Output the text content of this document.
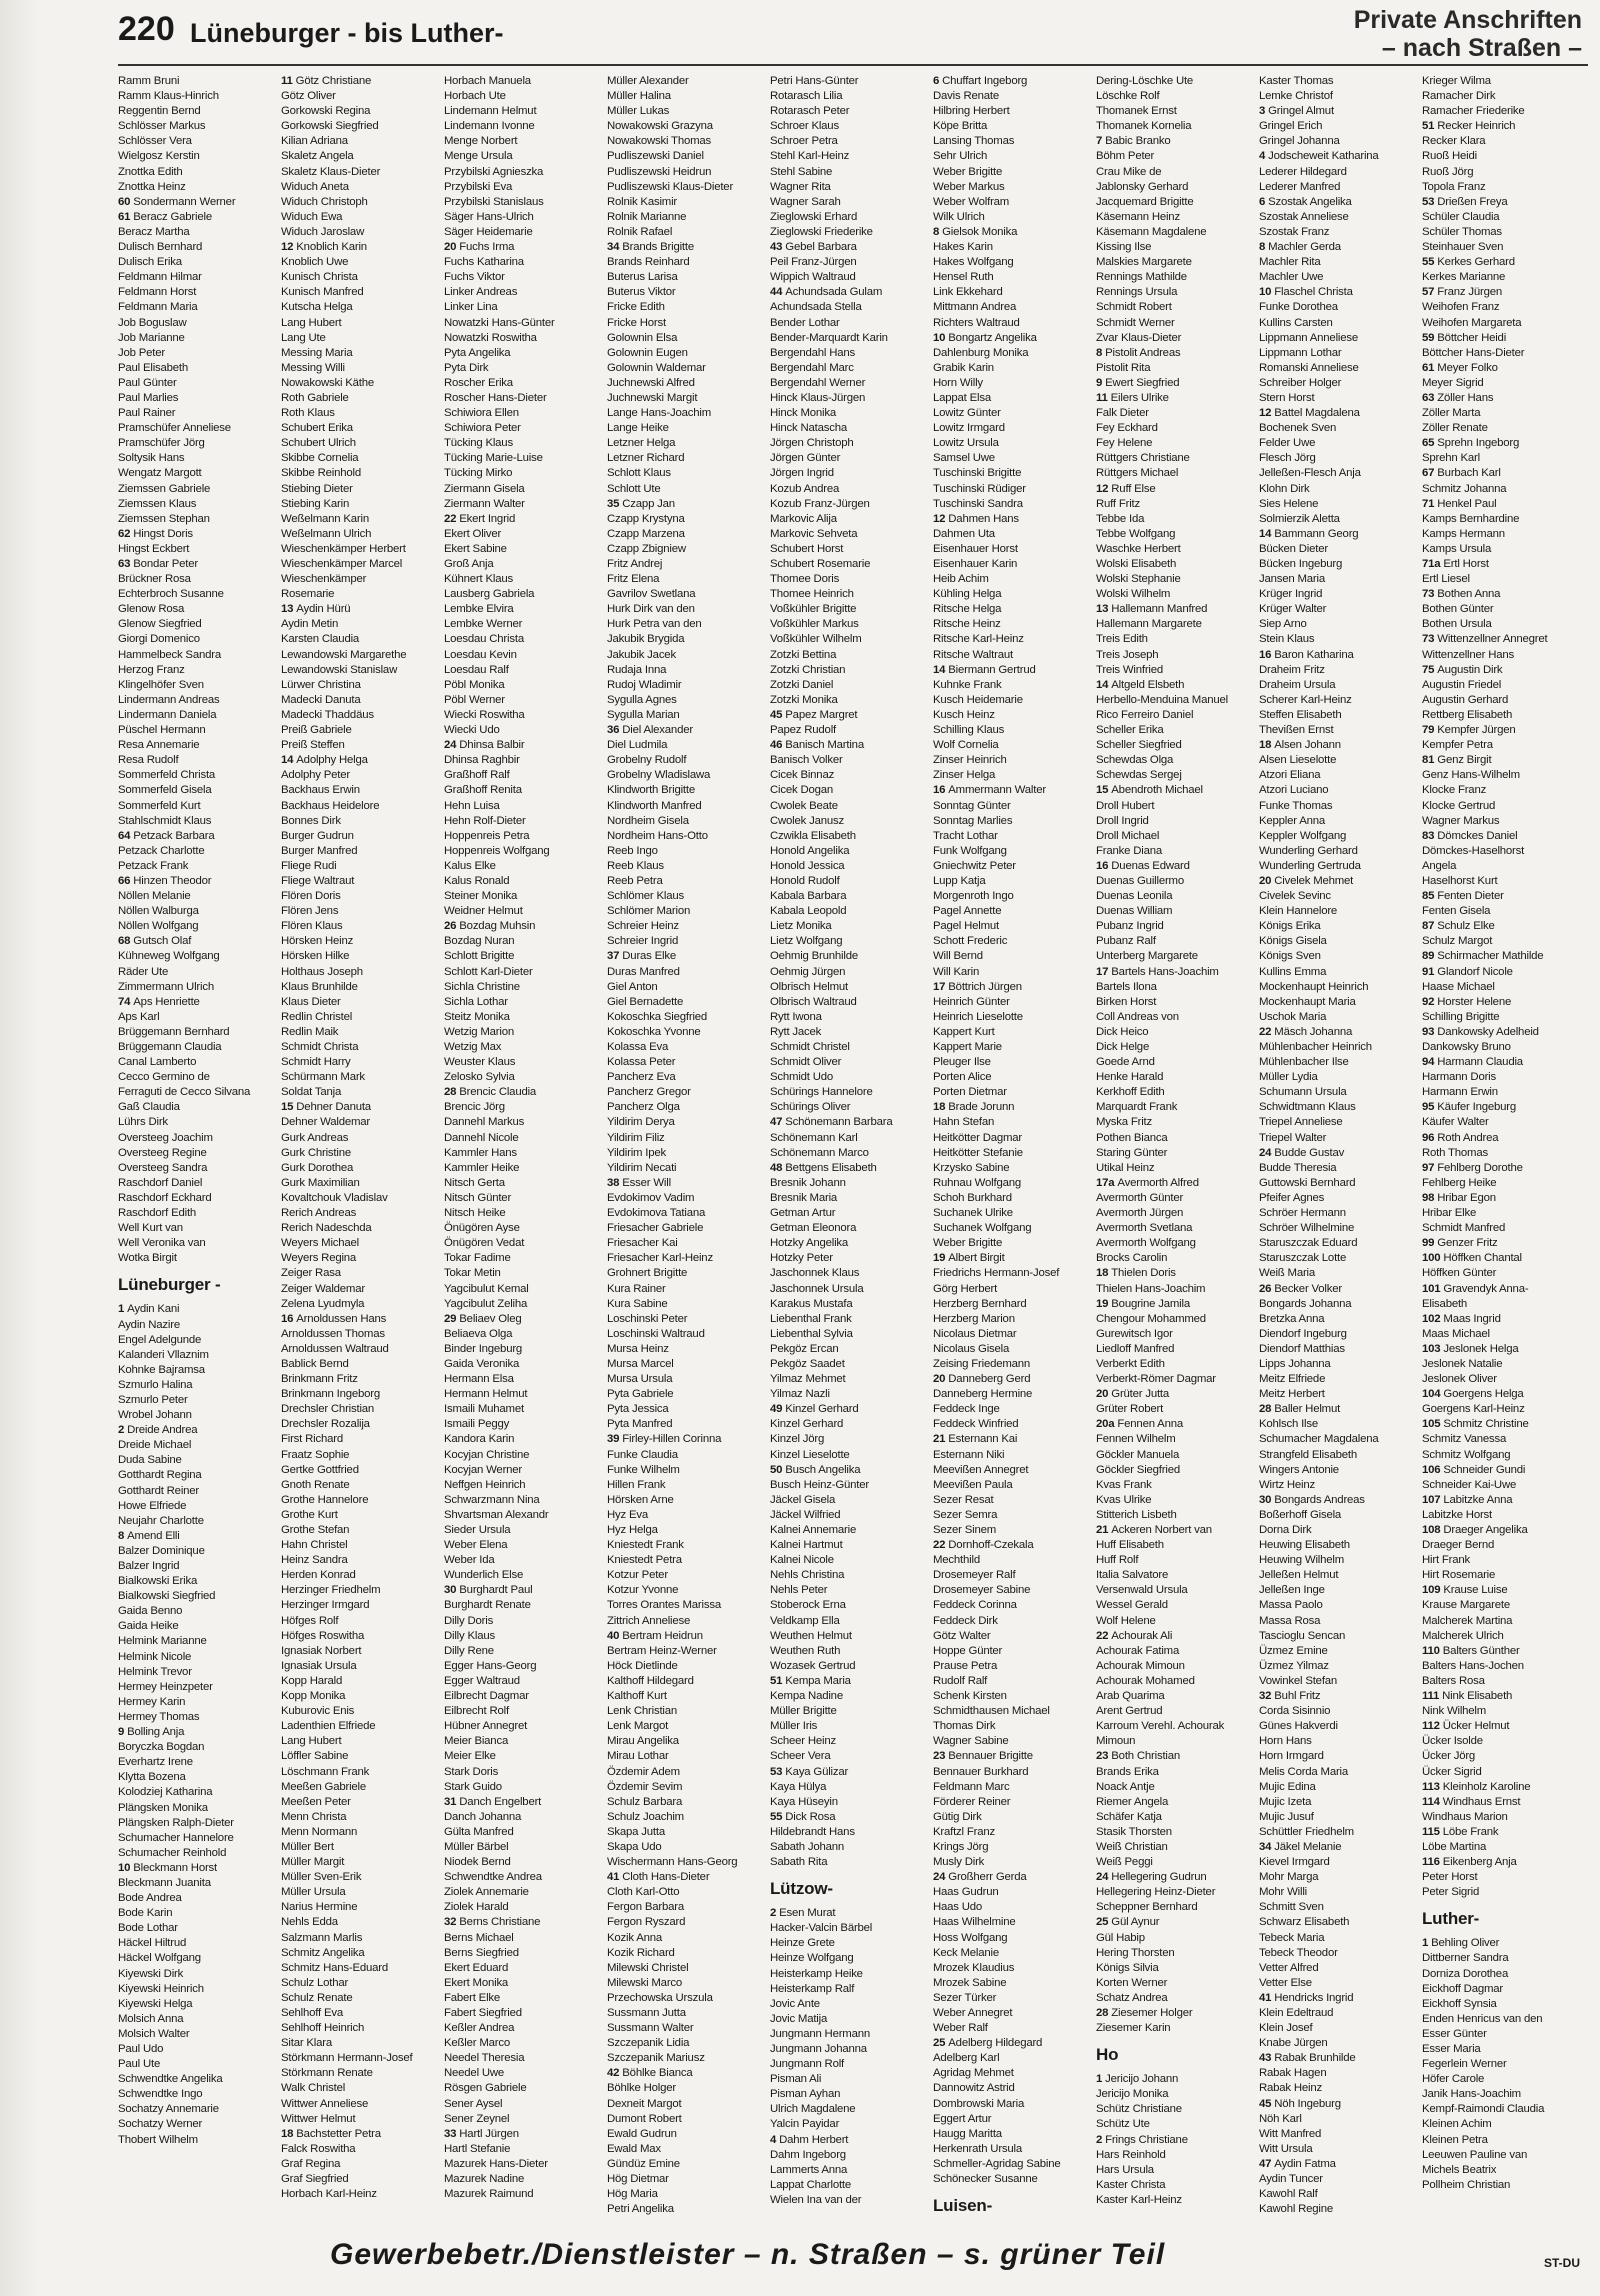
220 Lüneburger - bis Luther-	Private Anschriften
– nach Straßen –
Ramm Bruni
Ramm Klaus-Hinrich
Reggentin Bernd
Schlösser Markus
Schlösser Vera
Wielgosz Kerstin
Znottka Edith
Znottka Heinz
60 Sondermann Werner
61 Beracz Gabriele
Beracz Martha
Dulisch Bernhard
Dulisch Erika
Feldmann Hilmar
Feldmann Horst
Feldmann Maria
Job Boguslaw
Job Marianne
Job Peter
Paul Elisabeth
Paul Günter
Paul Marlies
Paul Rainer
Pramschüfer Anneliese
Pramschüfer Jörg
Soltysik Hans
Wengatz Margott
Ziemssen Gabriele
Ziemssen Klaus
Ziemssen Stephan
62 Hingst Doris
Hingst Eckbert
63 Bondar Peter
Brückner Rosa
Echterbroch Susanne
Glenow Rosa
Glenow Siegfried
Giorgi Domenico
Hammelbeck Sandra
Herzog Franz
Klingelhöfer Sven
Lindermann Andreas
Lindermann Daniela
Püschel Hermann
Resa Annemarie
Resa Rudolf
Sommerfeld Christa
Sommerfeld Gisela
Sommerfeld Kurt
Stahlschmidt Klaus
64 Petzack Barbara
Petzack Charlotte
Petzack Frank
66 Hinzen Theodor
Nöllen Melanie
Nöllen Walburga
Nöllen Wolfgang
68 Gutsch Olaf
Kühneweg Wolfgang
Räder Ute
Zimmermann Ulrich
74 Aps Henriette
Aps Karl
Brüggemann Bernhard
Brüggemann Claudia
Canal Lamberto
Cecco Germino de
Ferraguti de Cecco Silvana
Gaß Claudia
Lührs Dirk
Oversteeg Joachim
Oversteeg Regine
Oversteeg Sandra
Raschdorf Daniel
Raschdorf Eckhard
Raschdorf Edith
Well Kurt van
Well Veronika van
Wotka Birgit
Lüneburger -
1 Aydin Kani
Aydin Nazire
Engel Adelgunde
Kalanderi Vllaznim
Kohnke Bajramsa
Szmurlo Halina
Szmurlo Peter
Wrobel Johann
2 Dreide Andrea
Dreide Michael
Duda Sabine
Gotthardt Regina
Gotthardt Reiner
Howe Elfriede
Neujahr Charlotte
8 Amend Elli
Balzer Dominique
Balzer Ingrid
Bialkowski Erika
Bialkowski Siegfried
Gaida Benno
Gaida Heike
Helmink Marianne
Helmink Nicole
Helmink Trevor
Hermey Heinzpeter
Hermey Karin
Hermey Thomas
9 Bolling Anja
Boryczka Bogdan
Everhartz Irene
Klytta Bozena
Kolodziej Katharina
Plängsken Monika
Plängsken Ralph-Dieter
Schumacher Hannelore
Schumacher Reinhold
10 Bleckmann Horst
Bleckmann Juanita
Bode Andrea
Bode Karin
Bode Lothar
Häckel Hiltrud
Häckel Wolfgang
Kiyewski Dirk
Kiyewski Heinrich
Kiyewski Helga
Molsich Anna
Molsich Walter
Paul Udo
Paul Ute
Schwendtke Angelika
Schwendtke Ingo
Sochatzy Annemarie
Sochatzy Werner
Thobert Wilhelm
11 Götz Christiane
Götz Oliver
Gorkowski Regina
Gorkowski Siegfried
Kilian Adriana
Skaletz Angela
Skaletz Klaus-Dieter
Widuch Aneta
Widuch Christoph
Widuch Ewa
Widuch Jaroslaw
12 Knoblich Karin
Knoblich Uwe
Kunisch Christa
Kunisch Manfred
Kutscha Helga
Lang Hubert
Lang Ute
Messing Maria
Messing Willi
Nowakowski Käthe
Roth Gabriele
Roth Klaus
Schubert Erika
Schubert Ulrich
Skibbe Cornelia
Skibbe Reinhold
Stiebing Dieter
Stiebing Karin
Weßelmann Karin
Weßelmann Ulrich
Wieschenkämper Herbert
Wieschenkämper Marcel
Wieschenkämper
Rosemarie
13 Aydin Hürü
Aydin Metin
Karsten Claudia
Lewandowski Margarethe
Lewandowski Stanislaw
Lürwer Christina
Madecki Danuta
Madecki Thaddäus
Preiß Gabriele
Preiß Steffen
14 Adolphy Helga
Adolphy Peter
Backhaus Erwin
Backhaus Heidelore
Bonnes Dirk
Burger Gudrun
Burger Manfred
Fliege Rudi
Fliege Waltraut
Flören Doris
Flören Jens
Flören Klaus
Hörsken Heinz
Hörsken Hilke
Holthaus Joseph
Klaus Brunhilde
Klaus Dieter
Redlin Christel
Redlin Maik
Schmidt Christa
Schmidt Harry
Schürmann Mark
Soldat Tanja
15 Dehner Danuta
Dehner Waldemar
Gurk Andreas
Gurk Christine
Gurk Dorothea
Gurk Maximilian
Kovaltchouk Vladislav
Rerich Andreas
Rerich Nadeschda
Weyers Michael
Weyers Regina
Zeiger Rasa
Zeiger Waldemar
Zelena Lyudmyla
16 Arnoldussen Hans
Arnoldussen Thomas
Arnoldussen Waltraud
Bablick Bernd
Brinkmann Fritz
Brinkmann Ingeborg
Drechsler Christian
Drechsler Rozalija
First Richard
Fraatz Sophie
Gertke Gottfried
Gnoth Renate
Grothe Hannelore
Grothe Kurt
Grothe Stefan
Hahn Christel
Heinz Sandra
Herden Konrad
Herzinger Friedhelm
Herzinger Irmgard
Höfges Rolf
Höfges Roswitha
Ignasiak Norbert
Ignasiak Ursula
Kopp Harald
Kopp Monika
Kuburovic Enis
Ladenthien Elfriede
Lang Hubert
Löffler Sabine
Löschmann Frank
Meeßen Gabriele
Meeßen Peter
Menn Christa
Menn Normann
Müller Bert
Müller Margit
Müller Sven-Erik
Müller Ursula
Narius Hermine
Nehls Edda
Salzmann Marlis
Schmitz Angelika
Schmitz Hans-Eduard
Schulz Lothar
Schulz Renate
Sehlhoff Eva
Sehlhoff Heinrich
Sitar Klara
Störkmann Hermann-Josef
Störkmann Renate
Walk Christel
Wittwer Anneliese
Wittwer Helmut
18 Bachstetter Petra
Falck Roswitha
Graf Regina
Graf Siegfried
Horbach Karl-Heinz
Horbach Manuela
Horbach Ute
Lindemann Helmut
Lindemann Ivonne
Menge Norbert
Menge Ursula
Przybilski Agnieszka
Przybilski Eva
Przybilski Stanislaus
Säger Hans-Ulrich
Säger Heidemarie
20 Fuchs Irma
Fuchs Katharina
Fuchs Viktor
Linker Andreas
Linker Lina
Nowatzki Hans-Günter
Nowatzki Roswitha
Pyta Angelika
Pyta Dirk
Roscher Erika
Roscher Hans-Dieter
Schiwiora Ellen
Schiwiora Peter
Tücking Klaus
Tücking Marie-Luise
Tücking Mirko
Ziermann Gisela
Ziermann Walter
22 Ekert Ingrid
Ekert Oliver
Ekert Sabine
Groß Anja
Kühnert Klaus
Lausberg Gabriela
Lembke Elvira
Lembke Werner
Loesdau Christa
Loesdau Kevin
Loesdau Ralf
Pöbl Monika
Pöbl Werner
Wiecki Roswitha
Wiecki Udo
24 Dhinsa Balbir
Dhinsa Raghbir
Graßhoff Ralf
Graßhoff Renita
Hehn Luisa
Hehn Rolf-Dieter
Hoppenreis Petra
Hoppenreis Wolfgang
Kalus Elke
Kalus Ronald
Steiner Monika
Weidner Helmut
26 Bozdag Muhsin
Bozdag Nuran
Schlott Brigitte
Schlott Karl-Dieter
Sichla Christine
Sichla Lothar
Steitz Monika
Wetzig Marion
Wetzig Max
Weuster Klaus
Zelosko Sylvia
28 Brencic Claudia
Brencic Jörg
Dannehl Markus
Dannehl Nicole
Kammler Hans
Kammler Heike
Nitsch Gerta
Nitsch Günter
Nitsch Heike
Önügören Ayse
Önügören Vedat
Tokar Fadime
Tokar Metin
Yagcibulut Kemal
Yagcibulut Zeliha
29 Beliaev Oleg
Beliaeva Olga
Binder Ingeburg
Gaida Veronika
Hermann Elsa
Hermann Helmut
Ismaili Muhamet
Ismaili Peggy
Kandora Karin
Kocyjan Christine
Kocyjan Werner
Neffgen Heinrich
Schwarzmann Nina
Shvartsman Alexandr
Sieder Ursula
Weber Elena
Weber Ida
Wunderlich Else
30 Burghardt Paul
Burghardt Renate
Dilly Doris
Dilly Klaus
Dilly Rene
Egger Hans-Georg
Egger Waltraud
Eilbrecht Dagmar
Eilbrecht Rolf
Hübner Annegret
Meier Bianca
Meier Elke
Stark Doris
Stark Guido
31 Danch Engelbert
Danch Johanna
Gülta Manfred
Müller Bärbel
Niodek Bernd
Schwendtke Andrea
Ziolek Annemarie
Ziolek Harald
32 Berns Christiane
Berns Michael
Berns Siegfried
Ekert Eduard
Ekert Monika
Fabert Elke
Fabert Siegfried
Keßler Andrea
Keßler Marco
Needel Theresia
Needel Uwe
Rösgen Gabriele
Sener Aysel
Sener Zeynel
33 Hartl Jürgen
Hartl Stefanie
Mazurek Hans-Dieter
Mazurek Nadine
Mazurek Raimund
Müller Alexander
Müller Halina
Müller Lukas
Nowakowski Grazyna
Nowakowski Thomas
Pudliszewski Daniel
Pudliszewski Heidrun
Pudliszewski Klaus-Dieter
Rolnik Kasimir
Rolnik Marianne
Rolnik Rafael
34 Brands Brigitte
Brands Reinhard
Buterus Larisa
Buterus Viktor
Fricke Edith
Fricke Horst
Golownin Elsa
Golownin Eugen
Golownin Waldemar
Juchnewski Alfred
Juchnewski Margit
Lange Hans-Joachim
Lange Heike
Letzner Helga
Letzner Richard
Schlott Klaus
Schlott Ute
35 Czapp Jan
Czapp Krystyna
Czapp Marzena
Czapp Zbigniew
Fritz Andrej
Fritz Elena
Gavrilov Swetlana
Hurk Dirk van den
Hurk Petra van den
Jakubik Brygida
Jakubik Jacek
Rudaja Inna
Rudoj Wladimir
Sygulla Agnes
Sygulla Marian
36 Diel Alexander
Diel Ludmila
Grobelny Rudolf
Grobelny Wladislawa
Klindworth Brigitte
Klindworth Manfred
Nordheim Gisela
Nordheim Hans-Otto
Reeb Ingo
Reeb Klaus
Reeb Petra
Schlömer Klaus
Schlömer Marion
Schreier Heinz
Schreier Ingrid
37 Duras Elke
Duras Manfred
Giel Anton
Giel Bernadette
Kokoschka Siegfried
Kokoschka Yvonne
Kolassa Eva
Kolassa Peter
Pancherz Eva
Pancherz Gregor
Pancherz Olga
Yildirim Derya
Yildirim Filiz
Yildirim Ipek
Yildirim Necati
38 Esser Will
Evdokimov Vadim
Evdokimova Tatiana
Friesacher Gabriele
Friesacher Kai
Friesacher Karl-Heinz
Grohnert Brigitte
Kura Rainer
Kura Sabine
Loschinski Peter
Loschinski Waltraud
Mursa Heinz
Mursa Marcel
Mursa Ursula
Pyta Gabriele
Pyta Jessica
Pyta Manfred
39 Firley-Hillen Corinna
Funke Claudia
Funke Wilhelm
Hillen Frank
Hörsken Arne
Hyz Eva
Hyz Helga
Kniestedt Frank
Kniestedt Petra
Kotzur Peter
Kotzur Yvonne
Torres Orantes Marissa
Zittrich Anneliese
40 Bertram Heidrun
Bertram Heinz-Werner
Höck Dietlinde
Kalthoff Hildegard
Kalthoff Kurt
Lenk Christian
Lenk Margot
Mirau Angelika
Mirau Lothar
Özdemir Adem
Özdemir Sevim
Schulz Barbara
Schulz Joachim
Skapa Jutta
Skapa Udo
Wischermann Hans-Georg
41 Cloth Hans-Dieter
Cloth Karl-Otto
Fergon Barbara
Fergon Ryszard
Kozik Anna
Kozik Richard
Milewski Christel
Milewski Marco
Przechowska Urszula
Sussmann Jutta
Sussmann Walter
Szczepanik Lidia
Szczepanik Mariusz
42 Böhlke Bianca
Böhlke Holger
Dexneit Margot
Dumont Robert
Ewald Gudrun
Ewald Max
Gündüz Emine
Hög Dietmar
Hög Maria
Petri Angelika
Petri Hans-Günter
Rotarasch Lilia
Rotarasch Peter
Schroer Klaus
Schroer Petra
Stehl Karl-Heinz
Stehl Sabine
Wagner Rita
Wagner Sarah
Zieglowski Erhard
Zieglowski Friederike
43 Gebel Barbara
Peil Franz-Jürgen
Wippich Waltraud
44 Achundsada Gulam
Achundsada Stella
Bender Lothar
Bender-Marquardt Karin
Bergendahl Hans
Bergendahl Marc
Bergendahl Werner
Hinck Klaus-Jürgen
Hinck Monika
Hinck Natascha
Jörgen Christoph
Jörgen Günter
Jörgen Ingrid
Kozub Andrea
Kozub Franz-Jürgen
Markovic Alija
Markovic Sehveta
Schubert Horst
Schubert Rosemarie
Thomee Doris
Thomee Heinrich
Voßkühler Brigitte
Voßkühler Markus
Voßkühler Wilhelm
Zotzki Bettina
Zotzki Christian
Zotzki Daniel
Zotzki Monika
45 Papez Margret
Papez Rudolf
46 Banisch Martina
Banisch Volker
Cicek Binnaz
Cicek Dogan
Cwolek Beate
Cwolek Janusz
Czwikla Elisabeth
Honold Angelika
Honold Jessica
Honold Rudolf
Kabala Barbara
Kabala Leopold
Lietz Monika
Lietz Wolfgang
Oehmig Brunhilde
Oehmig Jürgen
Olbrisch Helmut
Olbrisch Waltraud
Rytt Iwona
Rytt Jacek
Schmidt Christel
Schmidt Oliver
Schmidt Udo
Schürings Hannelore
Schürings Oliver
47 Schönemann Barbara
Schönemann Karl
Schönemann Marco
48 Bettgens Elisabeth
Bresnik Johann
Bresnik Maria
Getman Artur
Getman Eleonora
Hotzky Angelika
Hotzky Peter
Jaschonnek Klaus
Jaschonnek Ursula
Karakus Mustafa
Liebenthal Frank
Liebenthal Sylvia
Pekgöz Ercan
Pekgöz Saadet
Yilmaz Mehmet
Yilmaz Nazli
49 Kinzel Gerhard
Kinzel Gerhard
Kinzel Jörg
Kinzel Lieselotte
50 Busch Angelika
Busch Heinz-Günter
Jäckel Gisela
Jäckel Wilfried
Kalnei Annemarie
Kalnei Hartmut
Kalnei Nicole
Nehls Christina
Nehls Peter
Stoberock Erna
Veldkamp Ella
Weuthen Helmut
Weuthen Ruth
Wozasek Gertrud
51 Kempa Maria
Kempa Nadine
Müller Brigitte
Müller Iris
Scheer Heinz
Scheer Vera
53 Kaya Gülizar
Kaya Hülya
Kaya Hüseyin
55 Dick Rosa
Hildebrandt Hans
Sabath Johann
Sabath Rita
Lützow-
2 Esen Murat
Hacker-Valcin Bärbel
Heinze Grete
Heinze Wolfgang
Heisterkamp Heike
Heisterkamp Ralf
Jovic Ante
Jovic Matija
Jungmann Hermann
Jungmann Johanna
Jungmann Rolf
Pisman Ali
Pisman Ayhan
Ulrich Magdalene
Yalcin Payidar
4 Dahm Herbert
Dahm Ingeborg
Lammerts Anna
Lappat Charlotte
Wielen Ina van der
6 Chuffart Ingeborg
Davis Renate
Hilbring Herbert
Köpe Britta
Lansing Thomas
Sehr Ulrich
Weber Brigitte
Weber Markus
Weber Wolfram
Wilk Ulrich
8 Gielsok Monika
Hakes Karin
Hakes Wolfgang
Hensel Ruth
Link Ekkehard
Mittmann Andrea
Richters Waltraud
10 Bongartz Angelika
Dahlenburg Monika
Grabik Karin
Horn Willy
Lappat Elsa
Lowitz Günter
Lowitz Irmgard
Lowitz Ursula
Samsel Uwe
Tuschinski Brigitte
Tuschinski Rüdiger
Tuschinski Sandra
12 Dahmen Hans
Dahmen Uta
Eisenhauer Horst
Eisenhauer Karin
Heib Achim
Kühling Helga
Ritsche Helga
Ritsche Heinz
Ritsche Karl-Heinz
Ritsche Waltraut
14 Biermann Gertrud
Kuhnke Frank
Kusch Heidemarie
Kusch Heinz
Schilling Klaus
Wolf Cornelia
Zinser Heinrich
Zinser Helga
16 Ammermann Walter
Sonntag Günter
Sonntag Marlies
Tracht Lothar
Funk Wolfgang
Gniechwitz Peter
Lupp Katja
Morgenroth Ingo
Pagel Annette
Pagel Helmut
Schott Frederic
Will Bernd
Will Karin
17 Böttrich Jürgen
Heinrich Günter
Heinrich Lieselotte
Kappert Kurt
Kappert Marie
Pleuger Ilse
Porten Alice
Porten Dietmar
18 Brade Jorunn
Hahn Stefan
Heitkötter Dagmar
Heitkötter Stefanie
Krzysko Sabine
Ruhnau Wolfgang
Schoh Burkhard
Suchanek Ulrike
Suchanek Wolfgang
Weber Brigitte
19 Albert Birgit
Friedrichs Hermann-Josef
Görg Herbert
Herzberg Bernhard
Herzberg Marion
Nicolaus Dietmar
Nicolaus Gisela
Zeising Friedemann
20 Danneberg Gerd
Danneberg Hermine
Feddeck Inge
Feddeck Winfried
21 Esternann Kai
Esternann Niki
Meevißen Annegret
Meevißen Paula
Sezer Resat
Sezer Semra
Sezer Sinem
22 Dornhoff-Czekala
Mechthild
Drosemeyer Ralf
Drosemeyer Sabine
Feddeck Corinna
Feddeck Dirk
Götz Walter
Hoppe Günter
Prause Petra
Rudolf Ralf
Schenk Kirsten
Schmidthausen Michael
Thomas Dirk
Wagner Sabine
23 Bennauer Brigitte
Bennauer Burkhard
Feldmann Marc
Förderer Reiner
Gütig Dirk
Kraftzl Franz
Krings Jörg
Musly Dirk
24 Großherr Gerda
Haas Gudrun
Haas Udo
Haas Wilhelmine
Hoss Wolfgang
Keck Melanie
Mrozek Klaudius
Mrozek Sabine
Sezer Türker
Weber Annegret
Weber Ralf
25 Adelberg Hildegard
Adelberg Karl
Agridag Mehmet
Dannowitz Astrid
Dombrowski Maria
Eggert Artur
Haugg Maritta
Herkenrath Ursula
Schmeller-Agridag Sabine
Schönecker Susanne
Luisen-
Dering-Löschke Ute
Löschke Rolf
Thomanek Ernst
Thomanek Kornelia
7 Babic Branko
Böhm Peter
Crau Mike de
Jablonsky Gerhard
Jacquemard Brigitte
Käsemann Heinz
Käsemann Magdalene
Kissing Ilse
Malskies Margarete
Rennings Mathilde
Rennings Ursula
Schmidt Robert
Schmidt Werner
Zvar Klaus-Dieter
8 Pistolit Andreas
Pistolit Rita
9 Ewert Siegfried
11 Eilers Ulrike
Falk Dieter
Fey Eckhard
Fey Helene
Rüttgers Christiane
Rüttgers Michael
12 Ruff Else
Ruff Fritz
Tebbe Ida
Tebbe Wolfgang
Waschke Herbert
Wolski Elisabeth
Wolski Stephanie
Wolski Wilhelm
13 Hallemann Manfred
Hallemann Margarete
Treis Edith
Treis Joseph
Treis Winfried
14 Altgeld Elsbeth
Herbello-Menduina Manuel
Rico Ferreiro Daniel
Scheller Erika
Scheller Siegfried
Schewdas Olga
Schewdas Sergej
15 Abendroth Michael
Droll Hubert
Droll Ingrid
Droll Michael
Franke Diana
16 Duenas Edward
Duenas Guillermo
Duenas Leonila
Duenas William
Pubanz Ingrid
Pubanz Ralf
Unterberg Margarete
17 Bartels Hans-Joachim
Bartels Ilona
Birken Horst
Coll Andreas von
Dick Heico
Dick Helge
Goede Arnd
Henke Harald
Kerkhoff Edith
Marquardt Frank
Myska Fritz
Pothen Bianca
Staring Günter
Utikal Heinz
17a Avermorth Alfred
Avermorth Günter
Avermorth Jürgen
Avermorth Svetlana
Avermorth Wolfgang
Brocks Carolin
18 Thielen Doris
Thielen Hans-Joachim
19 Bougrine Jamila
Chengour Mohammed
Gurewitsch Igor
Liedloff Manfred
Verberkt Edith
Verberkt-Römer Dagmar
20 Grüter Jutta
Grüter Robert
20a Fennen Anna
Fennen Wilhelm
Göckler Manuela
Göckler Siegfried
Kvas Frank
Kvas Ulrike
Stitterich Lisbeth
21 Ackeren Norbert van
Huff Elisabeth
Huff Rolf
Italia Salvatore
Versenwald Ursula
Wessel Gerald
Wolf Helene
22 Achourak Ali
Achourak Fatima
Achourak Mimoun
Achourak Mohamed
Arab Quarima
Arent Gertrud
Karroum Verehl. Achourak
Mimoun
23 Both Christian
Brands Erika
Noack Antje
Riemer Angela
Schäfer Katja
Stasik Thorsten
Weiß Christian
Weiß Peggi
24 Hellegering Gudrun
Hellegering Heinz-Dieter
Scheppner Bernhard
25 Gül Aynur
Gül Habip
Hering Thorsten
Königs Silvia
Korten Werner
Schatz Andrea
28 Ziesemer Holger
Ziesemer Karin
Ho
1 Jericijo Johann
Jericijo Monika
Schütz Christiane
Schütz Ute
2 Frings Christiane
Hars Reinhold
Hars Ursula
Kaster Christa
Kaster Karl-Heinz
Kaster Thomas
Lemke Christof
3 Gringel Almut
Gringel Erich
Gringel Johanna
4 Jodscheweit Katharina
Lederer Hildegard
Lederer Manfred
6 Szostak Angelika
Szostak Anneliese
Szostak Franz
8 Machler Gerda
Machler Rita
Machler Uwe
10 Flaschel Christa
Funke Dorothea
Kullins Carsten
Lippmann Anneliese
Lippmann Lothar
Romanski Anneliese
Schreiber Holger
Stern Horst
12 Battel Magdalena
Bochenek Sven
Felder Uwe
Flesch Jörg
Jelleßen-Flesch Anja
Klohn Dirk
Sies Helene
Solmierzik Aletta
14 Bammann Georg
Bücken Dieter
Bücken Ingeburg
Jansen Maria
Krüger Ingrid
Krüger Walter
Siep Arno
Stein Klaus
16 Baron Katharina
Draheim Fritz
Draheim Ursula
Scherer Karl-Heinz
Steffen Elisabeth
Thevißen Ernst
18 Alsen Johann
Alsen Lieselotte
Atzori Eliana
Atzori Luciano
Funke Thomas
Keppler Anna
Keppler Wolfgang
Wunderling Gerhard
Wunderling Gertruda
20 Civelek Mehmet
Civelek Sevinc
Klein Hannelore
Königs Erika
Königs Gisela
Königs Sven
Kullins Emma
Mockenhaupt Heinrich
Mockenhaupt Maria
Uschok Maria
22 Mäsch Johanna
Mühlenbacher Heinrich
Mühlenbacher Ilse
Müller Lydia
Schumann Ursula
Schwidtmann Klaus
Triepel Anneliese
Triepel Walter
24 Budde Gustav
Budde Theresia
Guttowski Bernhard
Pfeifer Agnes
Schröer Hermann
Schröer Wilhelmine
Staruszczak Eduard
Staruszczak Lotte
Weiß Maria
26 Becker Volker
Bongards Johanna
Bretzka Anna
Diendorf Ingeburg
Diendorf Matthias
Lipps Johanna
Meitz Elfriede
Meitz Herbert
28 Baller Helmut
Kohlsch Ilse
Schumacher Magdalena
Strangfeld Elisabeth
Wingers Antonie
Wirtz Heinz
30 Bongards Andreas
Boßerhoff Gisela
Dorna Dirk
Heuwing Elisabeth
Heuwing Wilhelm
Jelleßen Helmut
Jelleßen Inge
Massa Paolo
Massa Rosa
Tascioglu Sencan
Üzmez Emine
Üzmez Yilmaz
Vowinkel Stefan
32 Buhl Fritz
Corda Sisinnio
Günes Hakverdi
Horn Hans
Horn Irmgard
Melis Corda Maria
Mujic Edina
Mujic Izeta
Mujic Jusuf
Schüttler Friedhelm
34 Jäkel Melanie
Kievel Irmgard
Mohr Marga
Mohr Willi
Schmitt Sven
Schwarz Elisabeth
Tebeck Maria
Tebeck Theodor
Vetter Alfred
Vetter Else
41 Hendricks Ingrid
Klein Edeltraud
Klein Josef
Knabe Jürgen
43 Rabak Brunhilde
Rabak Hagen
Rabak Heinz
45 Nöh Ingeburg
Nöh Karl
Witt Manfred
Witt Ursula
47 Aydin Fatma
Aydin Tuncer
Kawohl Ralf
Kawohl Regine
Krieger Wilma
Ramacher Dirk
Ramacher Friederike
51 Recker Heinrich
Recker Klara
Ruoß Heidi
Ruoß Jörg
Topola Franz
53 Drießen Freya
Schüler Claudia
Schüler Thomas
Steinhauer Sven
55 Kerkes Gerhard
Kerkes Marianne
57 Franz Jürgen
Weihofen Franz
Weihofen Margareta
59 Böttcher Heidi
Böttcher Hans-Dieter
61 Meyer Folko
Meyer Sigrid
63 Zöller Hans
Zöller Marta
Zöller Renate
65 Sprehn Ingeborg
Sprehn Karl
67 Burbach Karl
Schmitz Johanna
71 Henkel Paul
Kamps Bernhardine
Kamps Hermann
Kamps Ursula
71a Ertl Horst
Ertl Liesel
73 Bothen Anna
Bothen Günter
Bothen Ursula
73 Wittenzellner Annegret
Wittenzellner Hans
75 Augustin Dirk
Augustin Friedel
Augustin Gerhard
Rettberg Elisabeth
79 Kempfer Jürgen
Kempfer Petra
81 Genz Birgit
Genz Hans-Wilhelm
Klocke Franz
Klocke Gertrud
Wagner Markus
83 Dömckes Daniel
Dömckes-Haselhorst
Angela
Haselhorst Kurt
85 Fenten Dieter
Fenten Gisela
87 Schulz Elke
Schulz Margot
89 Schirmacher Mathilde
91 Glandorf Nicole
Haase Michael
92 Horster Helene
Schilling Brigitte
93 Dankowsky Adelheid
Dankowsky Bruno
94 Harmann Claudia
Harmann Doris
Harmann Erwin
95 Käufer Ingeburg
Käufer Walter
96 Roth Andrea
Roth Thomas
97 Fehlberg Dorothe
Fehlberg Heike
98 Hribar Egon
Hribar Elke
Schmidt Manfred
99 Genzer Fritz
100 Höffken Chantal
Höffken Günter
101 Gravendyk Anna-
Elisabeth
102 Maas Ingrid
Maas Michael
103 Jeslonek Helga
Jeslonek Natalie
Jeslonek Oliver
104 Goergens Helga
Goergens Karl-Heinz
105 Schmitz Christine
Schmitz Vanessa
Schmitz Wolfgang
106 Schneider Gundi
Schneider Kai-Uwe
107 Labitzke Anna
Labitzke Horst
108 Draeger Angelika
Draeger Bernd
Hirt Frank
Hirt Rosemarie
109 Krause Luise
Krause Margarete
Malcherek Martina
Malcherek Ulrich
110 Balters Günther
Balters Hans-Jochen
Balters Rosa
111 Nink Elisabeth
Nink Wilhelm
112 Ücker Helmut
Ücker Isolde
Ücker Jörg
Ücker Sigrid
113 Kleinholz Karoline
114 Windhaus Ernst
Windhaus Marion
115 Löbe Frank
Löbe Martina
116 Eikenberg Anja
Peter Horst
Peter Sigrid
Luther-
1 Behling Oliver
Dittberner Sandra
Dorniza Dorothea
Eickhoff Dagmar
Eickhoff Synsia
Enden Henricus van den
Esser Günter
Esser Maria
Fegerlein Werner
Höfer Carole
Janik Hans-Joachim
Kempf-Raimondi Claudia
Kleinen Achim
Kleinen Petra
Leeuwen Pauline van
Michels Beatrix
Pollheim Christian
Gewerbebetr./Dienstleister – n. Straßen – s. grüner Teil	ST-DU
